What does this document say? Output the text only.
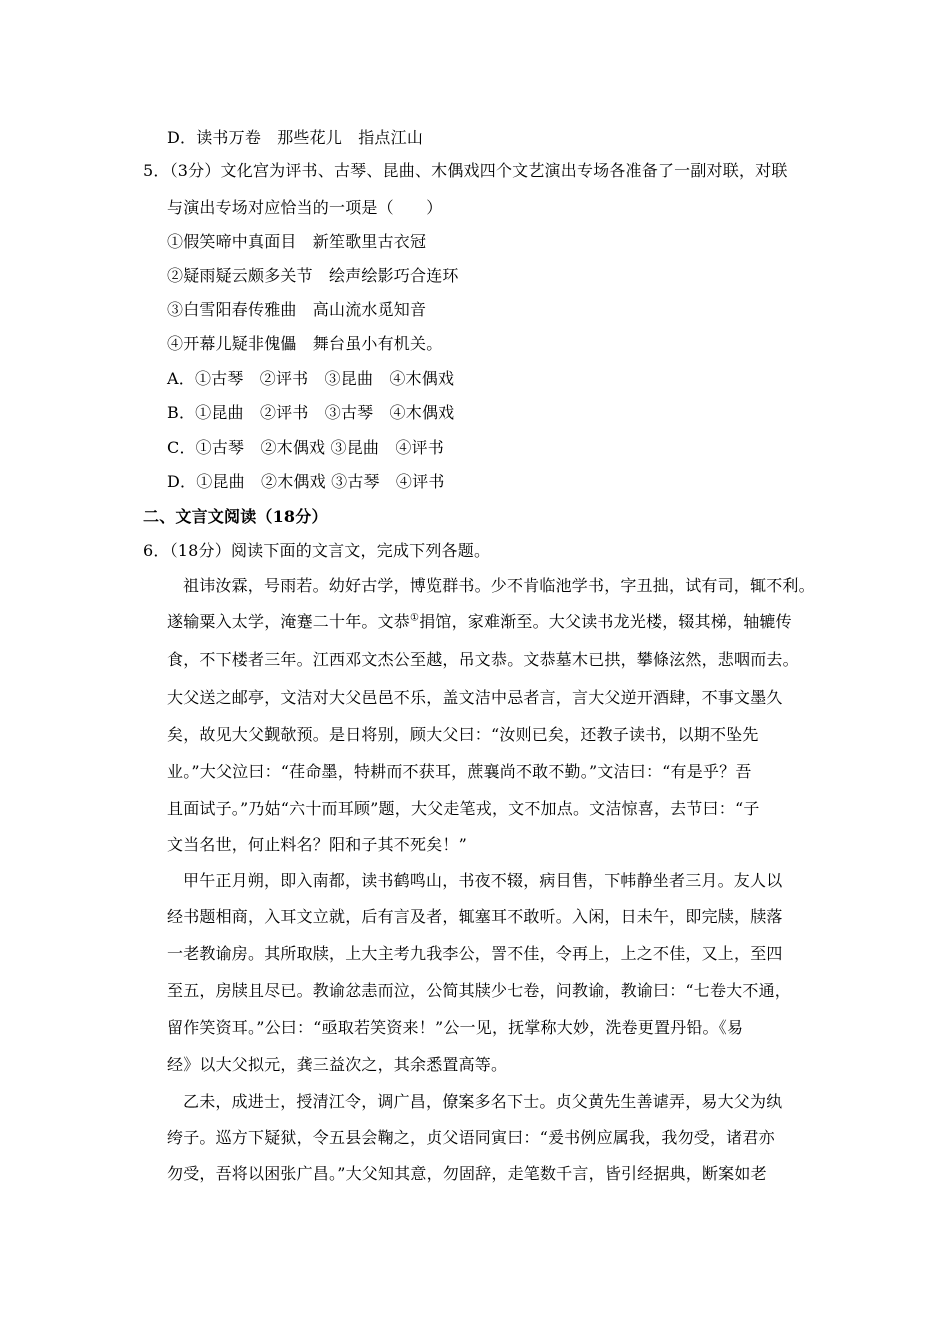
D．读书万卷　那些花儿　指点江山
5．（3分）文化宫为评书、古琴、昆曲、木偶戏四个文艺演出专场各准备了一副对联，对联
与演出专场对应恰当的一项是（　　）
①假笑啼中真面目　新笙歌里古衣冠
②疑雨疑云颇多关节　绘声绘影巧合连环
③白雪阳春传雅曲　高山流水觅知音
④开幕儿疑非傀儡　舞台虽小有机关。
A．①古琴　②评书　③昆曲　④木偶戏
B．①昆曲　②评书　③古琴　④木偶戏
C．①古琴　②木偶戏 ③昆曲　④评书
D．①昆曲　②木偶戏 ③古琴　④评书
二、文言文阅读（18分）
6．（18分）阅读下面的文言文，完成下列各题。
祖讳汝霖，号雨若。幼好古学，博览群书。少不肯临池学书，字丑拙，试有司，辄不利。
遂输粟入太学，淹蹇二十年。文恭①捐馆，家难渐至。大父读书龙光楼，辍其梯，轴辘传
食，不下楼者三年。江西邓文杰公至越，吊文恭。文恭墓木已拱，攀條泫然，悲咽而去。
大父送之邮亭，文洁对大父邑邑不乐，盖文洁中忌者言，言大父逆开酒肆，不事文墨久
矣，故见大父觐欹预。是日将别，顾大父曰：“汝则已矣，还教子读书，以期不坠先
业。”大父泣曰：“荏命墨，特耕而不获耳，蔗襄尚不敢不勤。”文洁曰：“有是乎？吾
且面试子。”乃姑“六十而耳顾”题，大父走笔戎，文不加点。文洁惊喜，去节曰：“子
文当名世，何止料名？阳和子其不死矣！”
甲午正月朔，即入南都，读书鹤鸣山，书夜不辍，病目售，下帏静坐者三月。友人以
经书题相商，入耳文立就，后有言及者，辄塞耳不敢听。入闲，日未午，即完牍，牍落
一老教谕房。其所取牍，上大主考九我李公，詈不佳，令再上，上之不佳，又上，至四
至五，房牍且尽已。教谕忿恚而泣，公简其牍少七卷，问教谕，教谕曰：“七卷大不通，
留作笑资耳。”公曰：“亟取若笑资来！”公一见，抚掌称大妙，洗卷更置丹铅。《易
经》以大父拟元，龚三益次之，其余悉置高等。
乙未，成进士，授清江令，调广昌，僚案多名下士。贞父黄先生善谑弄，易大父为纨
绔子。巡方下疑狱，令五县会鞠之，贞父语同寅曰：“爰书例应属我，我勿受，诸君亦
勿受，吾将以困张广昌。”大父知其意，勿固辞，走笔数千言，皆引经据典，断案如老
